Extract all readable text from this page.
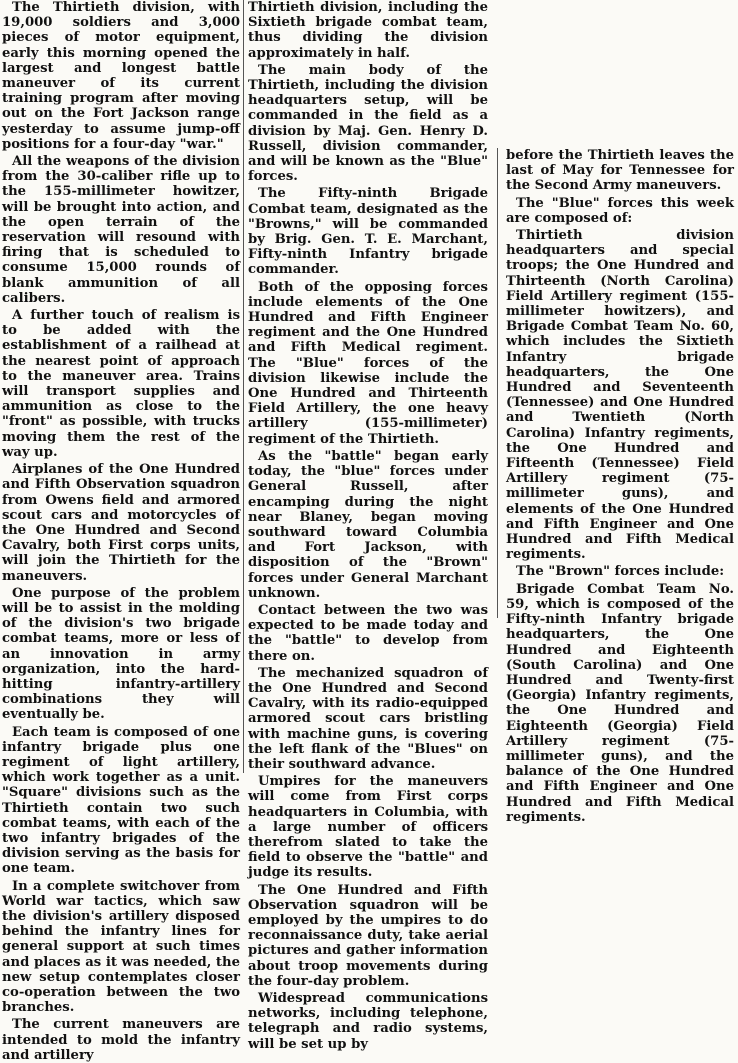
The Thirtieth division, with 19,000 soldiers and 3,000 pieces of motor equipment, early this morning opened the largest and longest battle maneuver of its current training program after moving out on the Fort Jackson range yesterday to assume jump-off positions for a four-day "war."

All the weapons of the division from the 30-caliber rifle up to the 155-millimeter howitzer, will be brought into action, and the open terrain of the reservation will resound with firing that is scheduled to consume 15,000 rounds of blank ammunition of all calibers.

A further touch of realism is to be added with the establishment of a railhead at the nearest point of approach to the maneuver area. Trains will transport supplies and ammunition as close to the "front" as possible, with trucks moving them the rest of the way up.

Airplanes of the One Hundred and Fifth Observation squadron from Owens field and armored scout cars and motorcycles of the One Hundred and Second Cavalry, both First corps units, will join the Thirtieth for the maneuvers.

One purpose of the problem will be to assist in the molding of the division's two brigade combat teams, more or less of an innovation in army organization, into the hard-hitting infantry-artillery combinations they will eventually be.

Each team is composed of one infantry brigade plus one regiment of light artillery, which work together as a unit. "Square" divisions such as the Thirtieth contain two such combat teams, with each of the two infantry brigades of the division serving as the basis for one team.

In a complete switchover from World war tactics, which saw the division's artillery disposed behind the infantry lines for general support at such times and places as it was needed, the new setup contemplates closer co-operation between the two branches.

The current maneuvers are intended to mold the infantry and artillery

Thirtieth division, including the Sixtieth brigade combat team, thus dividing the division approximately in half.

The main body of the Thirtieth, including the division headquarters setup, will be commanded in the field as a division by Maj. Gen. Henry D. Russell, division commander, and will be known as the "Blue" forces.

The Fifty-ninth Brigade Combat team, designated as the "Browns," will be commanded by Brig. Gen. T. E. Marchant, Fifty-ninth Infantry brigade commander.

Both of the opposing forces include elements of the One Hundred and Fifth Engineer regiment and the One Hundred and Fifth Medical regiment. The "Blue" forces of the division likewise include the One Hundred and Thirteenth Field Artillery, the one heavy artillery (155-millimeter) regiment of the Thirtieth.

As the "battle" began early today, the "blue" forces under General Russell, after encamping during the night near Blaney, began moving southward toward Columbia and Fort Jackson, with disposition of the "Brown" forces under General Marchant unknown.

Contact between the two was expected to be made today and the "battle" to develop from there on.

The mechanized squadron of the One Hundred and Second Cavalry, with its radio-equipped armored scout cars bristling with machine guns, is covering the left flank of the "Blues" on their southward advance.

Umpires for the maneuvers will come from First corps headquarters in Columbia, with a large number of officers therefrom slated to take the field to observe the "battle" and judge its results.

The One Hundred and Fifth Observation squadron will be employed by the umpires to do reconnaissance duty, take aerial pictures and gather information about troop movements during the four-day problem.

Widespread communications networks, including telephone, telegraph and radio systems, will be set up by

before the Thirtieth leaves the last of May for Tennessee for the Second Army maneuvers.

The "Blue" forces this week are composed of:

Thirtieth division headquarters and special troops; the One Hundred and Thirteenth (North Carolina) Field Artillery regiment (155-millimeter howitzers), and Brigade Combat Team No. 60, which includes the Sixtieth Infantry brigade headquarters, the One Hundred and Seventeenth (Tennessee) and One Hundred and Twentieth (North Carolina) Infantry regiments, the One Hundred and Fifteenth (Tennessee) Field Artillery regiment (75-millimeter guns), and elements of the One Hundred and Fifth Engineer and One Hundred and Fifth Medical regiments.

The "Brown" forces include:

Brigade Combat Team No. 59, which is composed of the Fifty-ninth Infantry brigade headquarters, the One Hundred and Eighteenth (South Carolina) and One Hundred and Twenty-first (Georgia) Infantry regiments, the One Hundred and Eighteenth (Georgia) Field Artillery regiment (75-millimeter guns), and the balance of the One Hundred and Fifth Engineer and One Hundred and Fifth Medical regiments.
